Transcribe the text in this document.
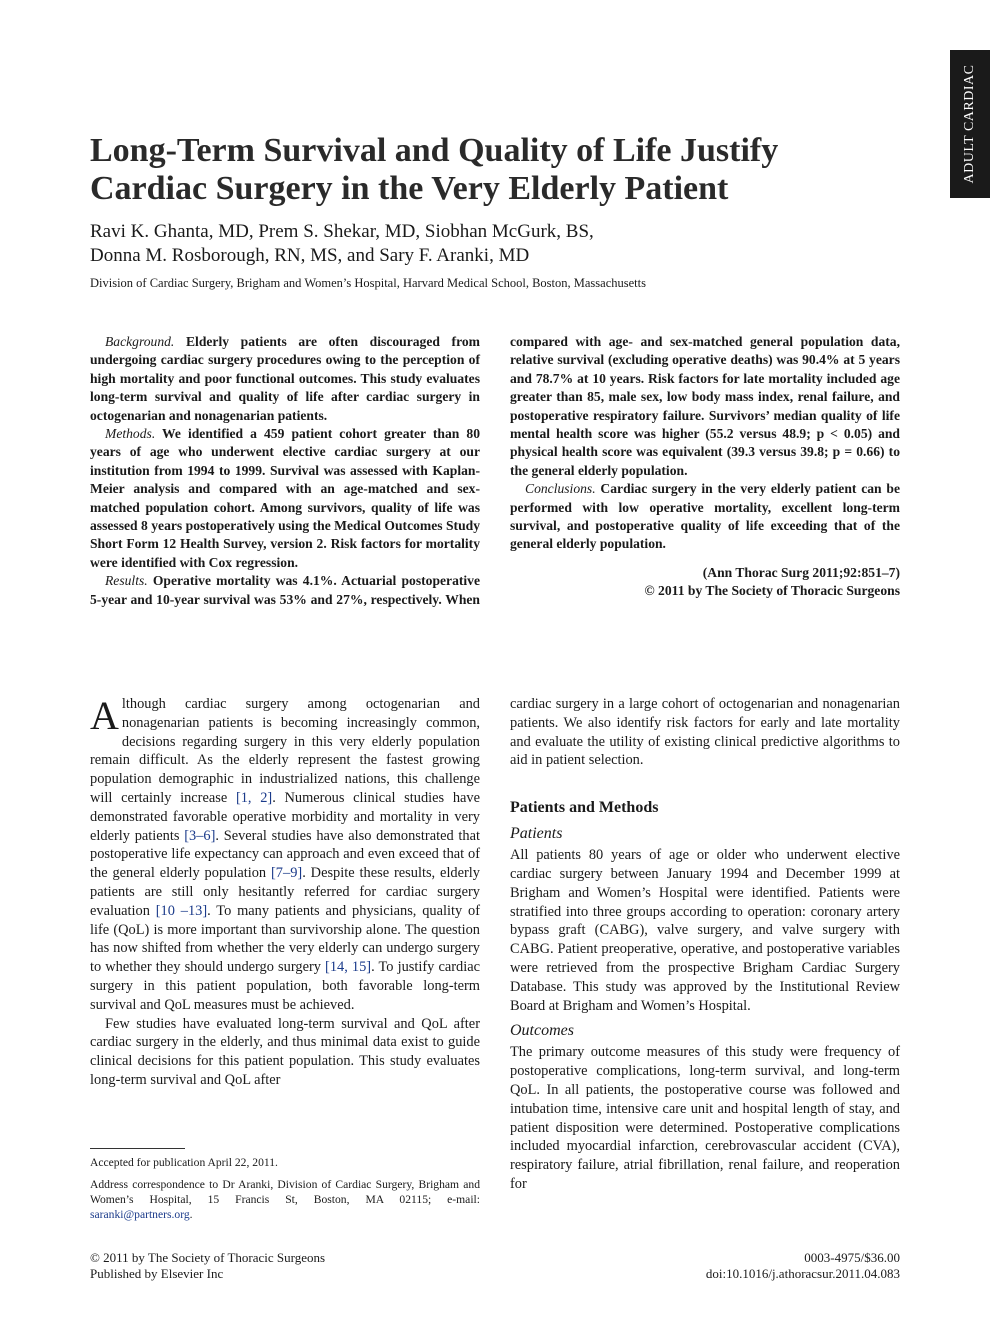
ADULT CARDIAC
Long-Term Survival and Quality of Life Justify Cardiac Surgery in the Very Elderly Patient
Ravi K. Ghanta, MD, Prem S. Shekar, MD, Siobhan McGurk, BS,
Donna M. Rosborough, RN, MS, and Sary F. Aranki, MD
Division of Cardiac Surgery, Brigham and Women’s Hospital, Harvard Medical School, Boston, Massachusetts

Background. Elderly patients are often discouraged from undergoing cardiac surgery procedures owing to the perception of high mortality and poor functional outcomes. This study evaluates long-term survival and quality of life after cardiac surgery in octogenarian and nonagenarian patients.

Methods. We identified a 459 patient cohort greater than 80 years of age who underwent elective cardiac surgery at our institution from 1994 to 1999. Survival was assessed with Kaplan-Meier analysis and compared with an age-matched and sex-matched population cohort. Among survivors, quality of life was assessed 8 years postoperatively using the Medical Outcomes Study Short Form 12 Health Survey, version 2. Risk factors for mortality were identified with Cox regression.

Results. Operative mortality was 4.1%. Actuarial postoperative 5-year and 10-year survival was 53% and 27%, respectively. When compared with age- and sex-matched general population data, relative survival (excluding operative deaths) was 90.4% at 5 years and 78.7% at 10 years. Risk factors for late mortality included age greater than 85, male sex, low body mass index, renal failure, and postoperative respiratory failure. Survivors’ median quality of life mental health score was higher (55.2 versus 48.9; p < 0.05) and physical health score was equivalent (39.3 versus 39.8; p = 0.66) to the general elderly population.

Conclusions. Cardiac surgery in the very elderly patient can be performed with low operative mortality, excellent long-term survival, and postoperative quality of life exceeding that of the general elderly population.

(Ann Thorac Surg 2011;92:851–7)
© 2011 by The Society of Thoracic Surgeons

Although cardiac surgery among octogenarian and nonagenarian patients is becoming increasingly common, decisions regarding surgery in this very elderly population remain difficult. As the elderly represent the fastest growing population demographic in industrialized nations, this challenge will certainly increase [1, 2]. Numerous clinical studies have demonstrated favorable operative morbidity and mortality in very elderly patients [3–6]. Several studies have also demonstrated that postoperative life expectancy can approach and even exceed that of the general elderly population [7–9]. Despite these results, elderly patients are still only hesitantly referred for cardiac surgery evaluation [10 –13]. To many patients and physicians, quality of life (QoL) is more important than survivorship alone. The question has now shifted from whether the very elderly can undergo surgery to whether they should undergo surgery [14, 15]. To justify cardiac surgery in this patient population, both favorable long-term survival and QoL measures must be achieved.

Few studies have evaluated long-term survival and QoL after cardiac surgery in the elderly, and thus minimal data exist to guide clinical decisions for this patient population. This study evaluates long-term survival and QoL after

cardiac surgery in a large cohort of octogenarian and nonagenarian patients. We also identify risk factors for early and late mortality and evaluate the utility of existing clinical predictive algorithms to aid in patient selection.

Patients and Methods
Patients

All patients 80 years of age or older who underwent elective cardiac surgery between January 1994 and December 1999 at Brigham and Women’s Hospital were identified. Patients were stratified into three groups according to operation: coronary artery bypass graft (CABG), valve surgery, and valve surgery with CABG. Patient preoperative, operative, and postoperative variables were retrieved from the prospective Brigham Cardiac Surgery Database. This study was approved by the Institutional Review Board at Brigham and Women’s Hospital.

Outcomes

The primary outcome measures of this study were frequency of postoperative complications, long-term survival, and long-term QoL. In all patients, the postoperative course was followed and intubation time, intensive care unit and hospital length of stay, and patient disposition were determined. Postoperative complications included myocardial infarction, cerebrovascular accident (CVA), respiratory failure, atrial fibrillation, renal failure, and reoperation for

Accepted for publication April 22, 2011.

Address correspondence to Dr Aranki, Division of Cardiac Surgery, Brigham and Women’s Hospital, 15 Francis St, Boston, MA 02115; e-mail: saranki@partners.org.

© 2011 by The Society of Thoracic Surgeons
Published by Elsevier Inc
0003-4975/$36.00
doi:10.1016/j.athoracsur.2011.04.083
